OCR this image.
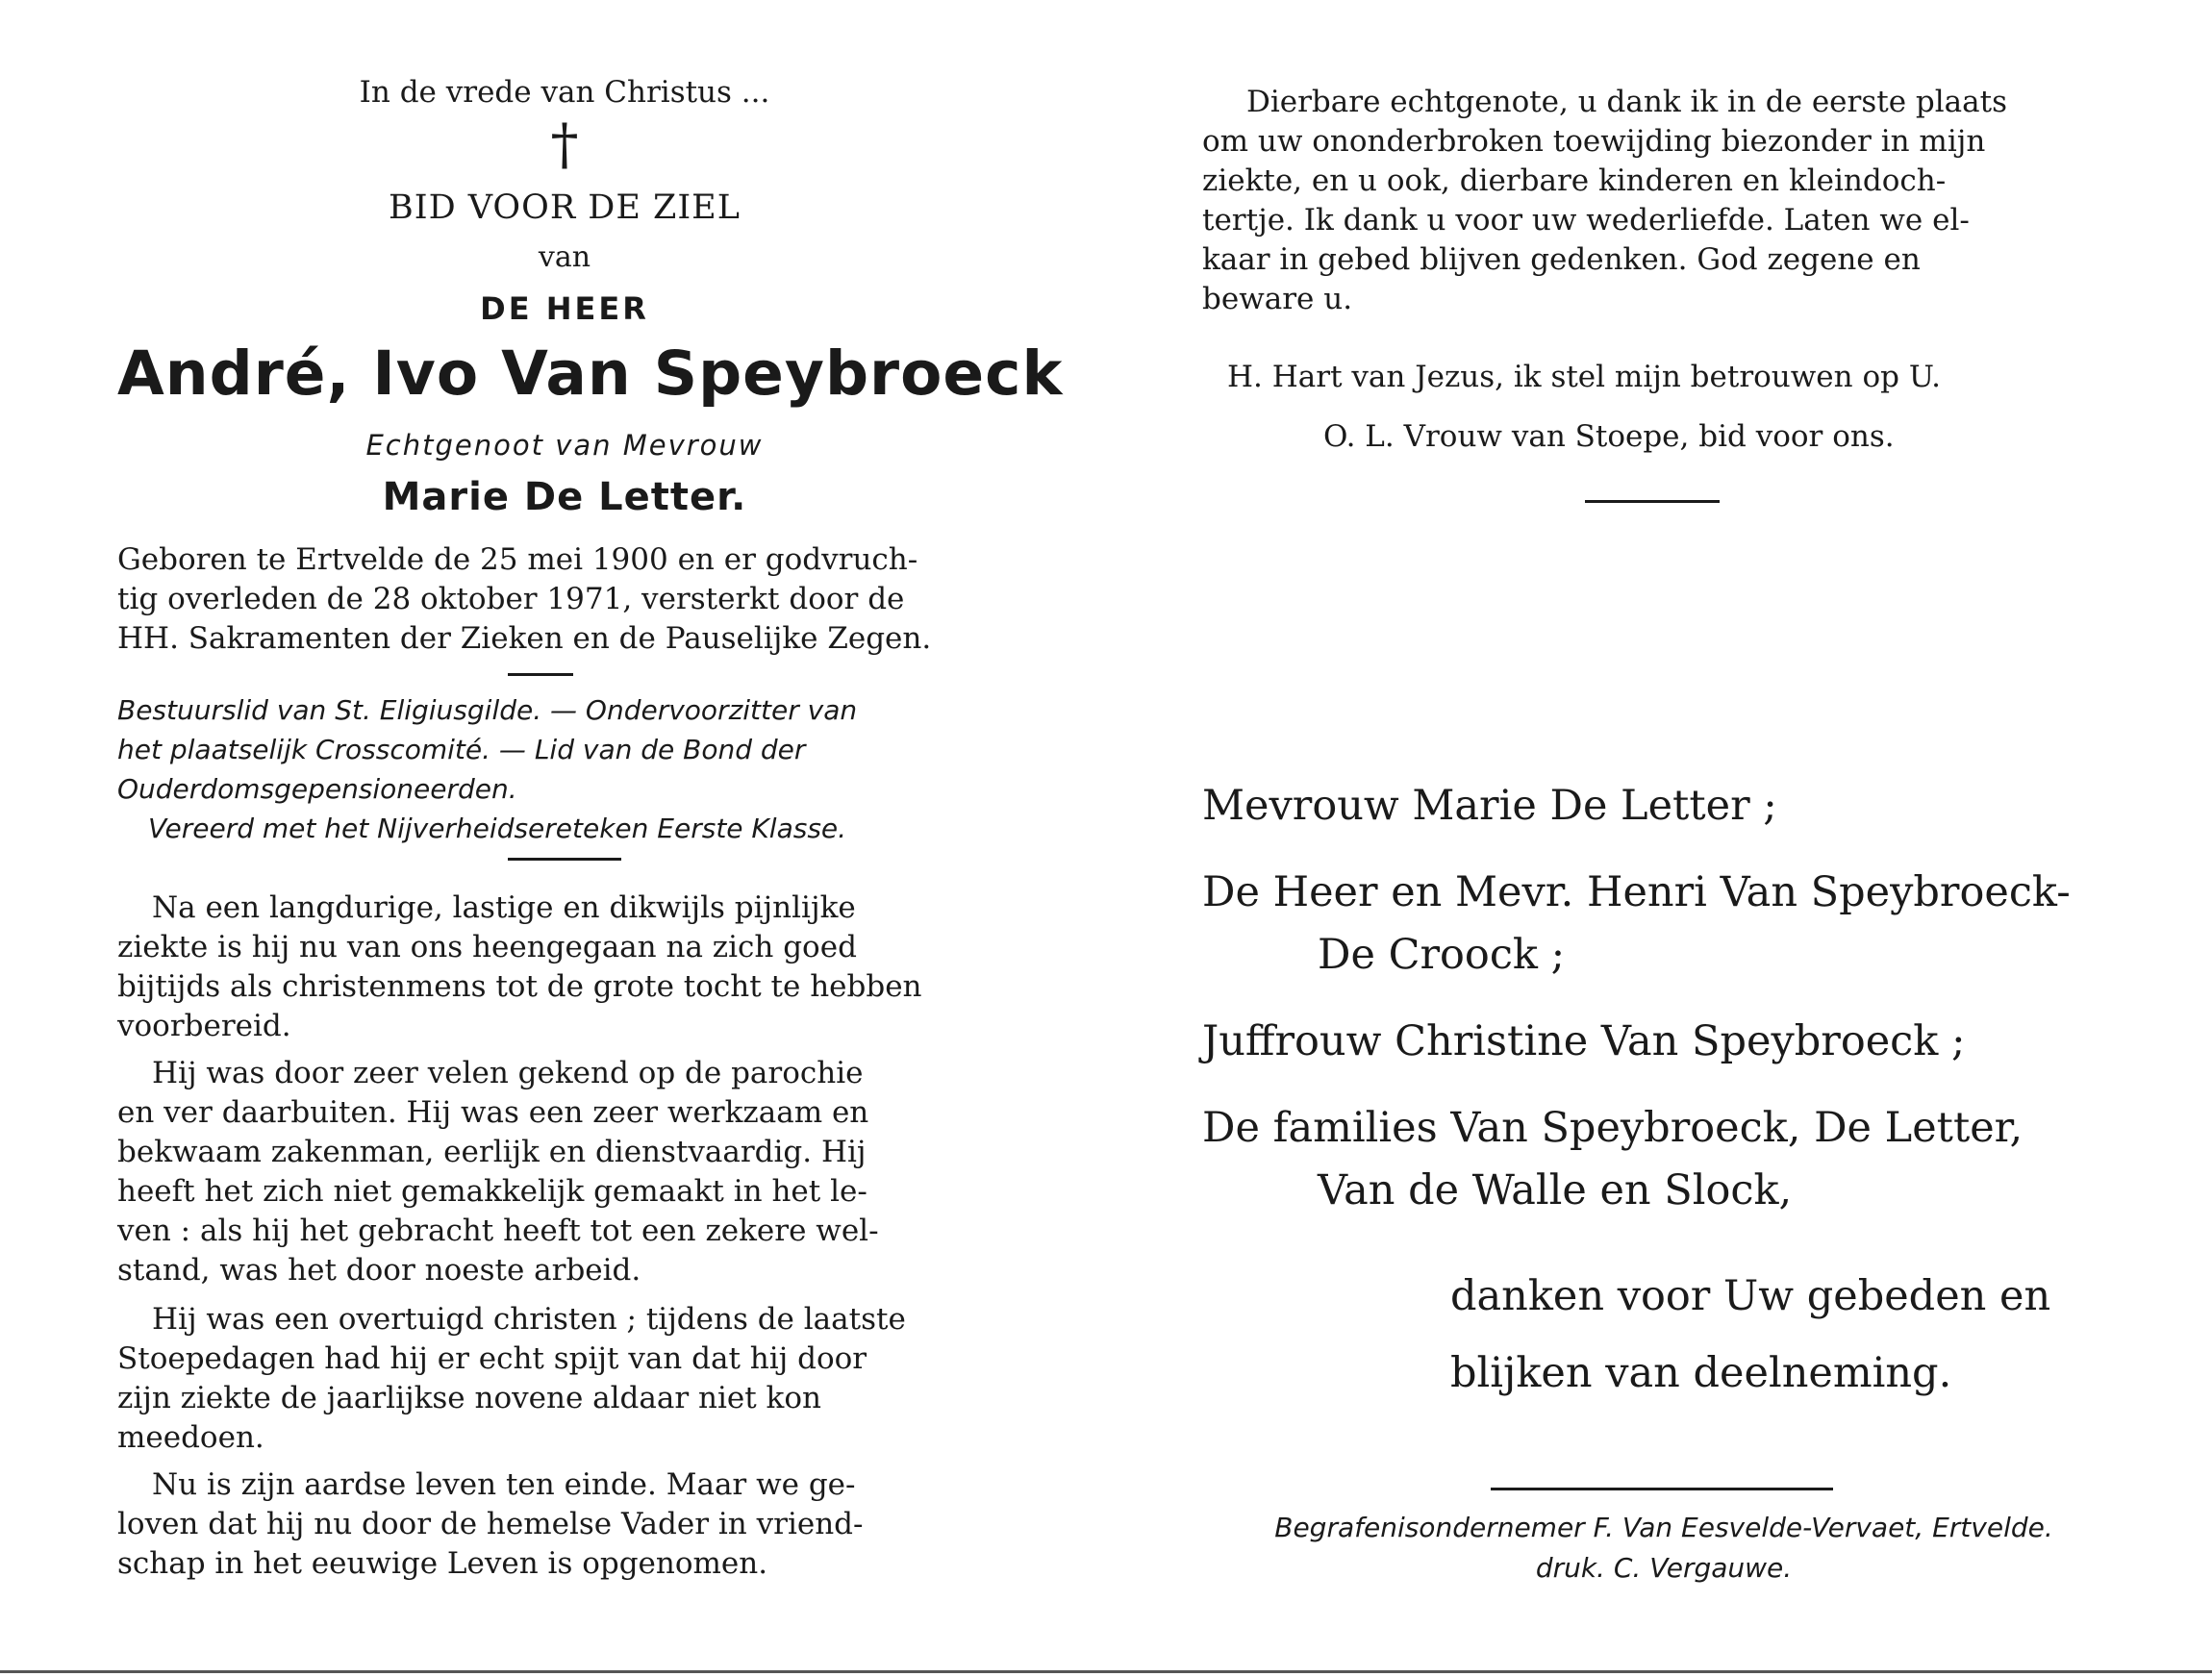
In de vrede van Christus ...
†
BID VOOR DE ZIEL
van
DE HEER
André, Ivo Van Speybroeck
Echtgenoot van Mevrouw
Marie De Letter.
Geboren te Ertvelde de 25 mei 1900 en er godvruch-
tig overleden de 28 oktober 1971, versterkt door de
HH. Sakramenten der Zieken en de Pauselijke Zegen.
Bestuurslid van St. Eligiusgilde. — Ondervoorzitter van
het plaatselijk Crosscomité. — Lid van de Bond der
Ouderdomsgepensioneerden.
Vereerd met het Nijverheidsereteken Eerste Klasse.
Na een langdurige, lastige en dikwijls pijnlijke
ziekte is hij nu van ons heengegaan na zich goed
bijtijds als christenmens tot de grote tocht te hebben
voorbereid.
Hij was door zeer velen gekend op de parochie
en ver daarbuiten. Hij was een zeer werkzaam en
bekwaam zakenman, eerlijk en dienstvaardig. Hij
heeft het zich niet gemakkelijk gemaakt in het le-
ven : als hij het gebracht heeft tot een zekere wel-
stand, was het door noeste arbeid.
Hij was een overtuigd christen ; tijdens de laatste
Stoepedagen had hij er echt spijt van dat hij door
zijn ziekte de jaarlijkse novene aldaar niet kon
meedoen.
Nu is zijn aardse leven ten einde. Maar we ge-
loven dat hij nu door de hemelse Vader in vriend-
schap in het eeuwige Leven is opgenomen.
Dierbare echtgenote, u dank ik in de eerste plaats
om uw ononderbroken toewijding biezonder in mijn
ziekte, en u ook, dierbare kinderen en kleindoch-
tertje. Ik dank u voor uw wederliefde. Laten we el-
kaar in gebed blijven gedenken. God zegene en
beware u.
H. Hart van Jezus, ik stel mijn betrouwen op U.
O. L. Vrouw van Stoepe, bid voor ons.
Mevrouw Marie De Letter ;
De Heer en Mevr. Henri Van Speybroeck-
De Croock ;
Juffrouw Christine Van Speybroeck ;
De families Van Speybroeck, De Letter,
Van de Walle en Slock,
danken voor Uw gebeden en
blijken van deelneming.
Begrafenisondernemer F. Van Eesvelde-Vervaet, Ertvelde.
druk. C. Vergauwe.
